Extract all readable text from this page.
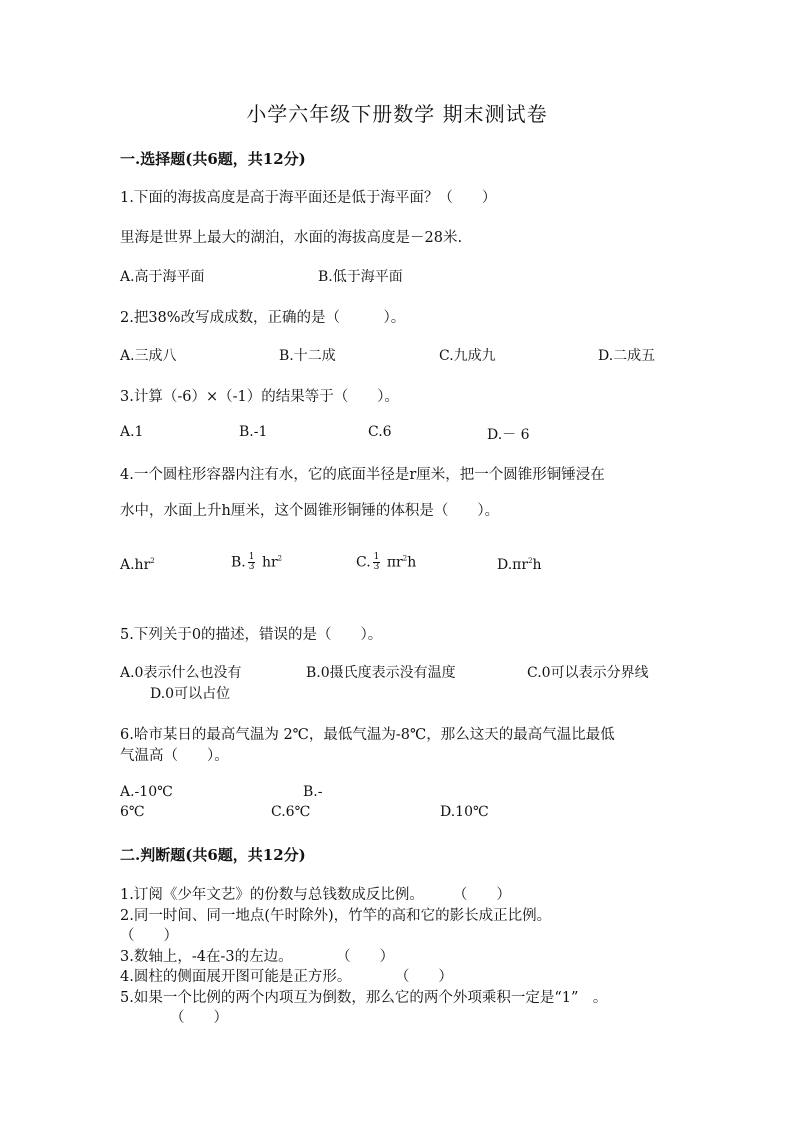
小学六年级下册数学 期末测试卷
一.选择题(共6题，共12分)
1.下面的海拔高度是高于海平面还是低于海平面？（　　）
里海是世界上最大的湖泊，水面的海拔高度是－28米.
A.高于海平面	B.低于海平面
2.把38%改写成成数，正确的是（　　　）。
A.三成八	B.十二成	C.九成九	D.二成五
3.计算（-6）×（-1）的结果等于（　　）。
A.1	B.-1	C.6	D.－ 6
4.一个圆柱形容器内注有水，它的底面半径是r厘米，把一个圆锥形铜锤浸在
水中，水面上升h厘米，这个圆锥形铜锤的体积是（　　）。
$A.hr^2$	B. $\frac{1}{3} hr^2$	C. $\frac{1}{3} \pi r^2h$	$D.\pi r^2h$
5.下列关于0的描述，错误的是（　　）。
A.0表示什么也没有	B.0摄氏度表示没有温度	C.0可以表示分界线
D.0可以占位
6.哈市某日的最高气温为 2℃，最低气温为-8℃，那么这天的最高气温比最低
气温高（　　）。
A.-10℃	B.-
6℃	C.6℃	D.10℃
二.判断题(共6题，共12分)
1.订阅《少年文艺》的份数与总钱数成反比例。　　　（　　）
2.同一时间、同一地点(午时除外)，竹竿的高和它的影长成正比例。
（　　）
3.数轴上，-4在-3的左边。　　　　（　　）
4.圆柱的侧面展开图可能是正方形。　　　　（　　）
5.如果一个比例的两个内项互为倒数，那么它的两个外项乘积一定是“1”　。
（　　）
